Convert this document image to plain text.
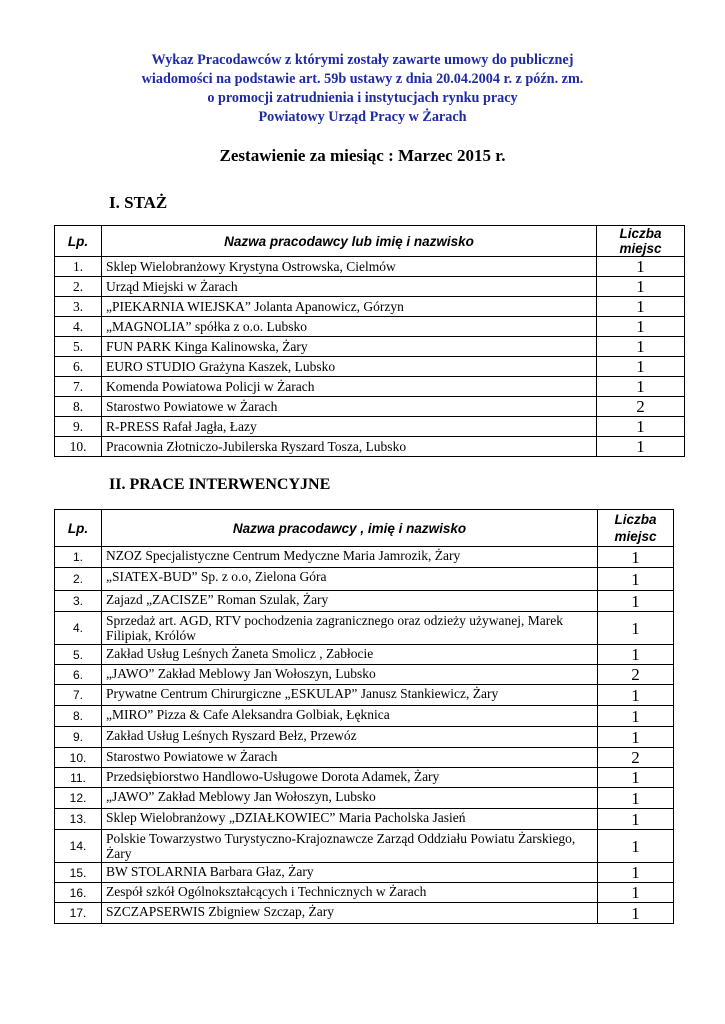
Wykaz Pracodawców z którymi zostały zawarte umowy do publicznej
wiadomości na podstawie art. 59b ustawy z dnia 20.04.2004 r. z późn. zm.
o promocji zatrudnienia i instytucjach rynku pracy
Powiatowy Urząd Pracy w Żarach
Zestawienie za miesiąc : Marzec 2015 r.
I. STAŻ
Lp.	Nazwa pracodawcy lub imię i nazwisko	Liczba miejsc
1.	Sklep Wielobranżowy Krystyna Ostrowska, Cielmów	1
2.	Urząd Miejski w Żarach	1
3.	„PIEKARNIA WIEJSKA” Jolanta Apanowicz, Górzyn	1
4.	„MAGNOLIA” spółka z o.o. Lubsko	1
5.	FUN PARK Kinga Kalinowska, Żary	1
6.	EURO STUDIO Grażyna Kaszek, Lubsko	1
7.	Komenda Powiatowa Policji w Żarach	1
8.	Starostwo Powiatowe w Żarach	2
9.	R-PRESS Rafał Jagła, Łazy	1
10.	Pracownia Złotniczo-Jubilerska Ryszard Tosza, Lubsko	1
II. PRACE INTERWENCYJNE
Lp.	Nazwa pracodawcy , imię i nazwisko	Liczba miejsc
1.	NZOZ Specjalistyczne Centrum Medyczne Maria Jamrozik, Żary	1
2.	„SIATEX-BUD” Sp. z o.o, Zielona Góra	1
3.	Zajazd „ZACISZE” Roman Szulak, Żary	1
4.	Sprzedaż art. AGD, RTV pochodzenia zagranicznego oraz odzieży używanej, Marek Filipiak, Królów	1
5.	Zakład Usług Leśnych Żaneta Smolicz , Zabłocie	1
6.	„JAWO” Zakład Meblowy Jan Wołoszyn, Lubsko	2
7.	Prywatne Centrum Chirurgiczne „ESKULAP” Janusz Stankiewicz, Żary	1
8.	„MIRO” Pizza & Cafe Aleksandra Golbiak, Łęknica	1
9.	Zakład Usług Leśnych Ryszard Bełz, Przewóz	1
10.	Starostwo Powiatowe w Żarach	2
11.	Przedsiębiorstwo Handlowo-Usługowe Dorota Adamek, Żary	1
12.	„JAWO” Zakład Meblowy Jan Wołoszyn, Lubsko	1
13.	Sklep Wielobranżowy „DZIAŁKOWIEC” Maria Pacholska Jasień	1
14.	Polskie Towarzystwo Turystyczno-Krajoznawcze Zarząd Oddziału Powiatu Żarskiego, Żary	1
15.	BW STOLARNIA Barbara Głaz, Żary	1
16.	Zespół szkół Ogólnokształcących i Technicznych w Żarach	1
17.	SZCZAPSERWIS Zbigniew Szczap, Żary	1
